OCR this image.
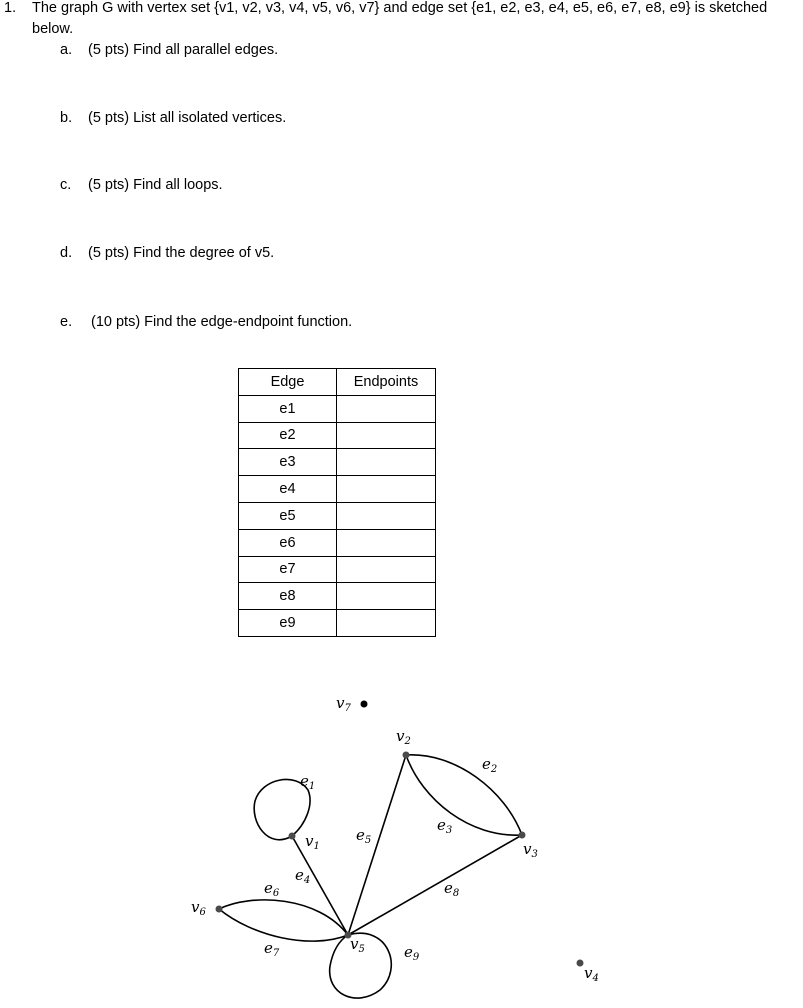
1. The graph G with vertex set {v1, v2, v3, v4, v5, v6, v7} and edge set {e1, e2, e3, e4, e5, e6, e7, e8, e9} is sketched
below.
a. (5 pts) Find all parallel edges.
b. (5 pts) List all isolated vertices.
c. (5 pts) Find all loops.
d. (5 pts) Find the degree of v5.
e. (10 pts) Find the edge-endpoint function.
Edge	Endpoints
e1	
e2	
e3	
e4	
e5	
e6	
e7	
e8	
e9	
$v_1$
$v_2$
$v_3$
$v_4$
$v_5$
$v_6$
$v_7$
$e_1$
$e_2$
$e_3$
$e_4$
$e_5$
$e_6$
$e_7$
$e_8$
$e_9$
